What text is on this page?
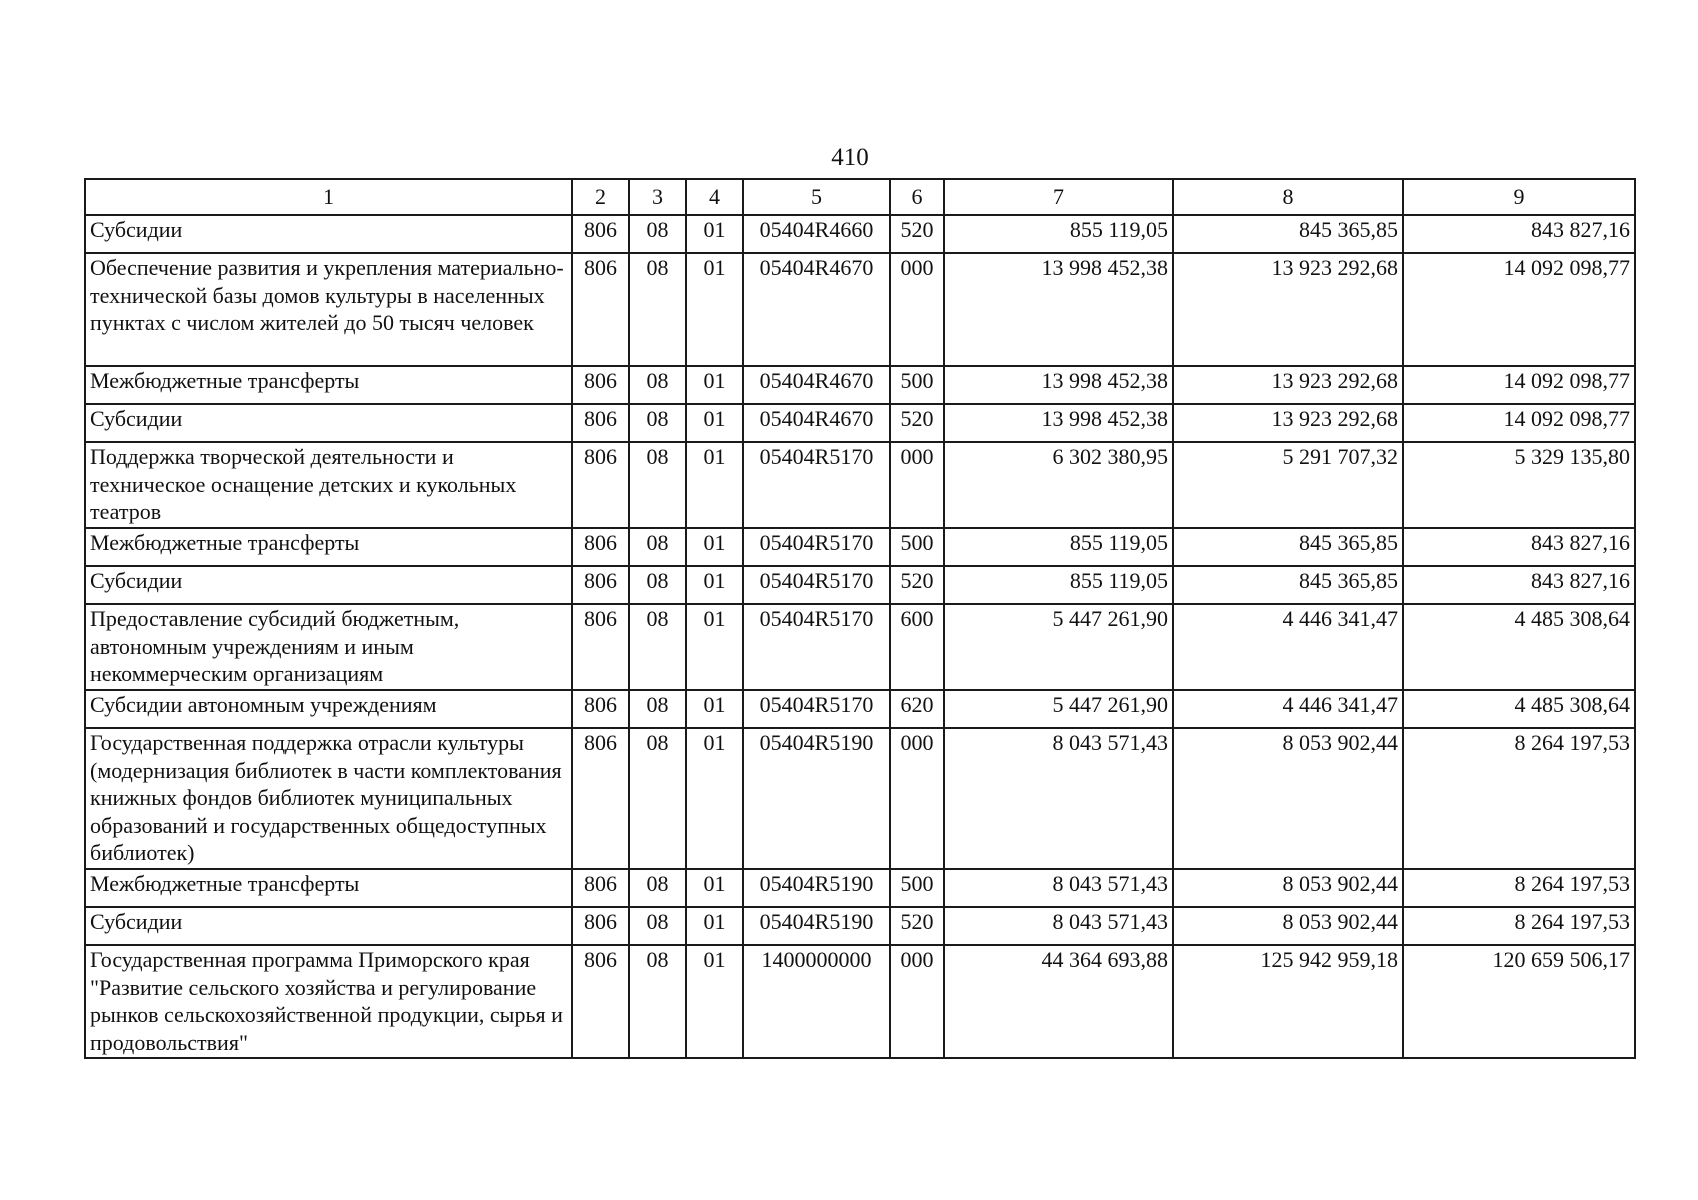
410
1	2	3	4	5	6	7	8	9
Субсидии	806	08	01	05404R4660	520	855 119,05	845 365,85	843 827,16
Обеспечение развития и укрепления материально-технической базы домов культуры в населенных пунктах с числом жителей до 50 тысяч человек	806	08	01	05404R4670	000	13 998 452,38	13 923 292,68	14 092 098,77
Межбюджетные трансферты	806	08	01	05404R4670	500	13 998 452,38	13 923 292,68	14 092 098,77
Субсидии	806	08	01	05404R4670	520	13 998 452,38	13 923 292,68	14 092 098,77
Поддержка творческой деятельности и техническое оснащение детских и кукольных театров	806	08	01	05404R5170	000	6 302 380,95	5 291 707,32	5 329 135,80
Межбюджетные трансферты	806	08	01	05404R5170	500	855 119,05	845 365,85	843 827,16
Субсидии	806	08	01	05404R5170	520	855 119,05	845 365,85	843 827,16
Предоставление субсидий бюджетным, автономным учреждениям и иным некоммерческим организациям	806	08	01	05404R5170	600	5 447 261,90	4 446 341,47	4 485 308,64
Субсидии автономным учреждениям	806	08	01	05404R5170	620	5 447 261,90	4 446 341,47	4 485 308,64
Государственная поддержка отрасли культуры (модернизация библиотек в части комплектования книжных фондов библиотек муниципальных образований и государственных общедоступных библиотек)	806	08	01	05404R5190	000	8 043 571,43	8 053 902,44	8 264 197,53
Межбюджетные трансферты	806	08	01	05404R5190	500	8 043 571,43	8 053 902,44	8 264 197,53
Субсидии	806	08	01	05404R5190	520	8 043 571,43	8 053 902,44	8 264 197,53
Государственная программа Приморского края "Развитие сельского хозяйства и регулирование рынков сельскохозяйственной продукции, сырья и продовольствия"	806	08	01	1400000000	000	44 364 693,88	125 942 959,18	120 659 506,17
